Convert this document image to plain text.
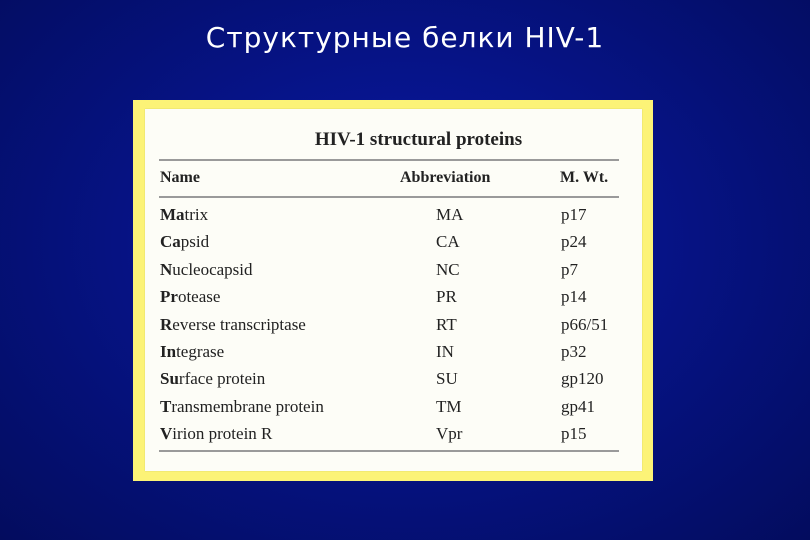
Структурные белки HIV-1
HIV-1 structural proteins
Name	Abbreviation	M. Wt.
Matrix	MA	p17
Capsid	CA	p24
Nucleocapsid	NC	p7
Protease	PR	p14
Reverse transcriptase	RT	p66/51
Integrase	IN	p32
Surface protein	SU	gp120
Transmembrane protein	TM	gp41
Virion protein R	Vpr	p15
